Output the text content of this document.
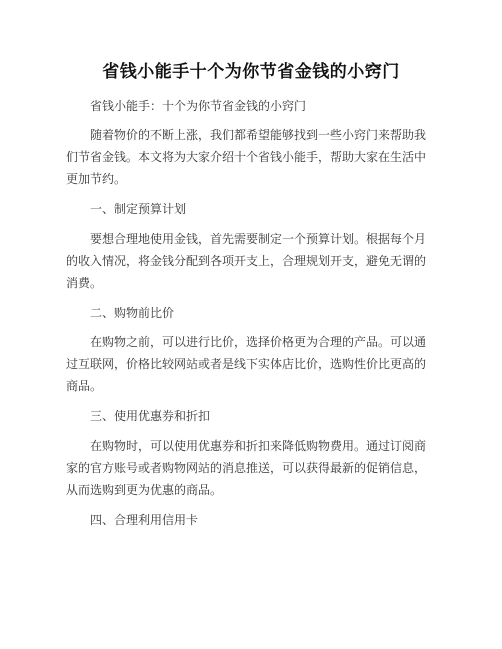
省钱小能手十个为你节省金钱的小窍门

省钱小能手：十个为你节省金钱的小窍门

随着物价的不断上涨，我们都希望能够找到一些小窍门来帮助我们节省金钱。本文将为大家介绍十个省钱小能手，帮助大家在生活中更加节约。

一、制定预算计划

要想合理地使用金钱，首先需要制定一个预算计划。根据每个月的收入情况，将金钱分配到各项开支上，合理规划开支，避免无谓的消费。

二、购物前比价

在购物之前，可以进行比价，选择价格更为合理的产品。可以通过互联网，价格比较网站或者是线下实体店比价，选购性价比更高的商品。

三、使用优惠券和折扣

在购物时，可以使用优惠券和折扣来降低购物费用。通过订阅商家的官方账号或者购物网站的消息推送，可以获得最新的促销信息，从而选购到更为优惠的商品。

四、合理利用信用卡
